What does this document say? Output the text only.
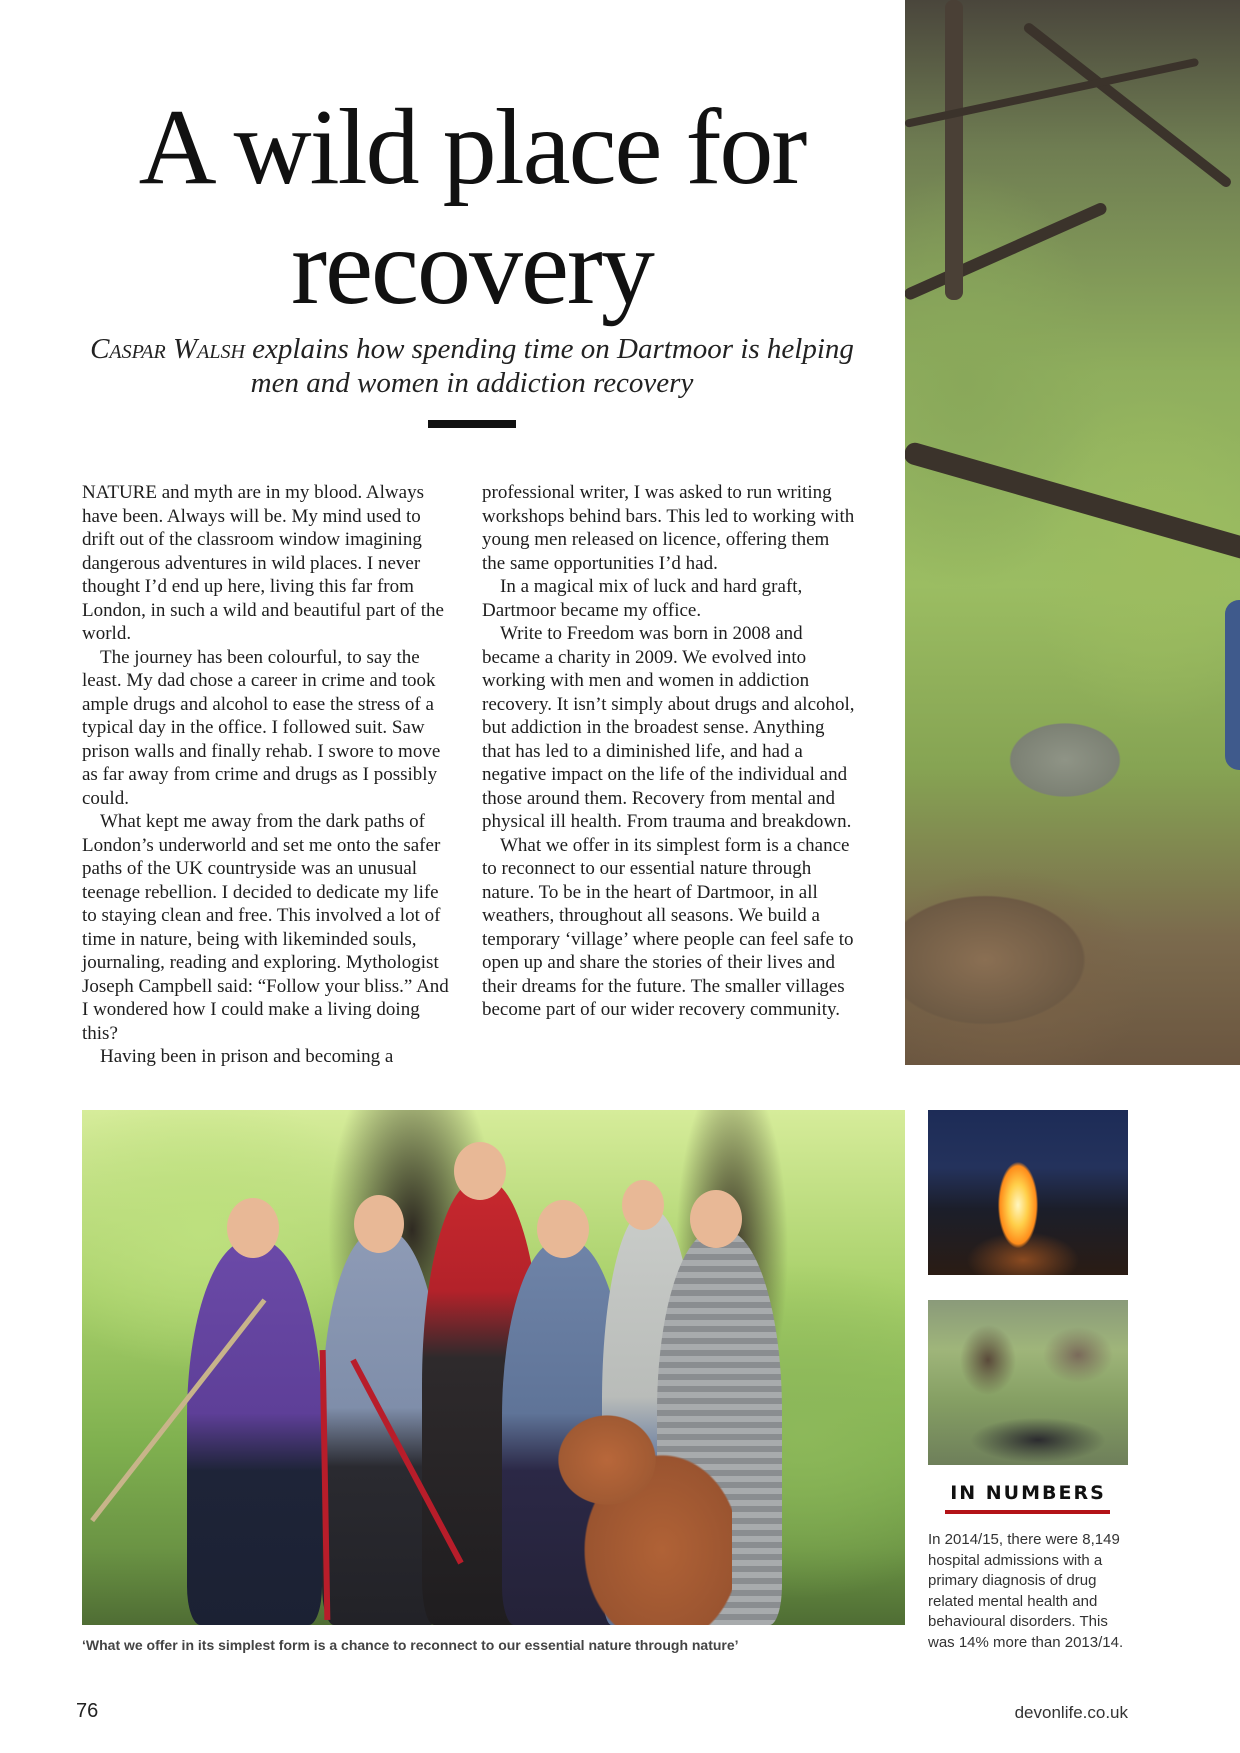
A wild place for recovery

Caspar Walsh explains how spending time on Dartmoor is helping men and women in addiction recovery

NATURE and myth are in my blood. Always have been. Always will be. My mind used to drift out of the classroom window imagining dangerous adventures in wild places. I never thought I’d end up here, living this far from London, in such a wild and beautiful part of the world.

The journey has been colourful, to say the least. My dad chose a career in crime and took ample drugs and alcohol to ease the stress of a typical day in the office. I followed suit. Saw prison walls and finally rehab. I swore to move as far away from crime and drugs as I possibly could.

What kept me away from the dark paths of London’s underworld and set me onto the safer paths of the UK countryside was an unusual teenage rebellion. I decided to dedicate my life to staying clean and free. This involved a lot of time in nature, being with likeminded souls, journaling, reading and exploring. Mythologist Joseph Campbell said: “Follow your bliss.” And I wondered how I could make a living doing this?

Having been in prison and becoming a

professional writer, I was asked to run writing workshops behind bars. This led to working with young men released on licence, offering them the same opportunities I’d had.

In a magical mix of luck and hard graft, Dartmoor became my office.

Write to Freedom was born in 2008 and became a charity in 2009. We evolved into working with men and women in addiction recovery. It isn’t simply about drugs and alcohol, but addiction in the broadest sense. Anything that has led to a diminished life, and had a negative impact on the life of the individual and those around them. Recovery from mental and physical ill health. From trauma and breakdown.

What we offer in its simplest form is a chance to reconnect to our essential nature through nature. To be in the heart of Dartmoor, in all weathers, throughout all seasons. We build a temporary ‘village’ where people can feel safe to open up and share the stories of their lives and their dreams for the future. The smaller villages become part of our wider recovery community.

‘What we offer in its simplest form is a chance to reconnect to our essential nature through nature’

IN NUMBERS

In 2014/15, there were 8,149 hospital admissions with a primary diagnosis of drug related mental health and behavioural disorders. This was 14% more than 2013/14.

76	devonlife.co.uk
